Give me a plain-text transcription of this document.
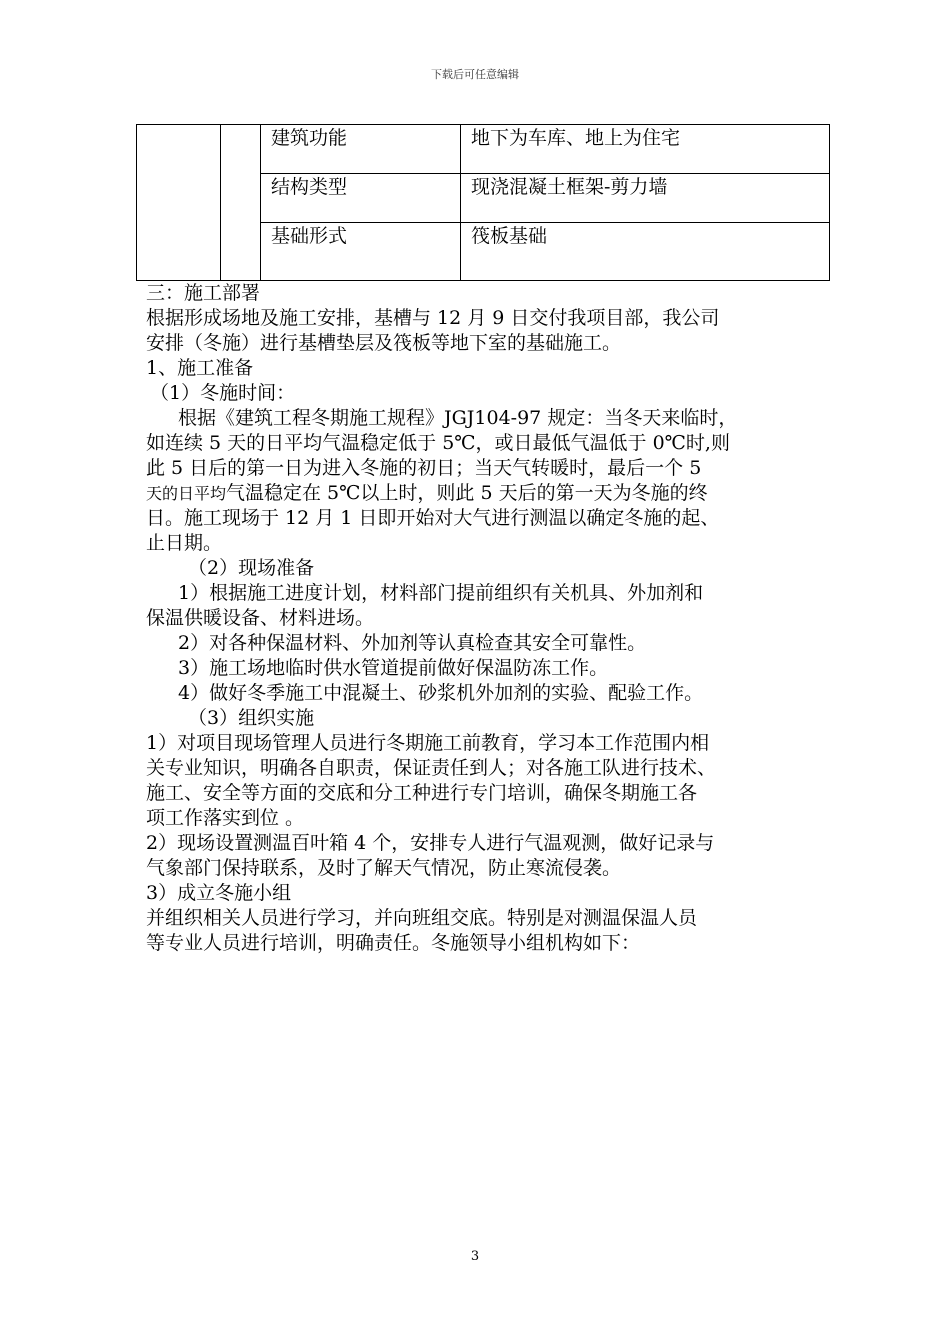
下载后可任意编辑
		建筑功能	地下为车库、地上为住宅
		结构类型	现浇混凝土框架-剪力墙
		基础形式	筏板基础

三：施工部署

根据形成场地及施工安排，基槽与 12 月 9 日交付我项目部，我公司

安排（冬施）进行基槽垫层及筏板等地下室的基础施工。

1、施工准备

（1）冬施时间：

根据《建筑工程冬期施工规程》JGJ104-97 规定：当冬天来临时，

如连续 5 天的日平均气温稳定低于 5℃，或日最低气温低于 0℃时,则

此 5 日后的第一日为进入冬施的初日；当天气转暖时，最后一个 5

天的日平均气温稳定在 5℃以上时，则此 5 天后的第一天为冬施的终

日。施工现场于 12 月 1 日即开始对大气进行测温以确定冬施的起、

止日期。

（2）现场准备

1）根据施工进度计划，材料部门提前组织有关机具、外加剂和

保温供暖设备、材料进场。

2）对各种保温材料、外加剂等认真检查其安全可靠性。

3）施工场地临时供水管道提前做好保温防冻工作。

4）做好冬季施工中混凝土、砂浆机外加剂的实验、配验工作。

（3）组织实施

1）对项目现场管理人员进行冬期施工前教育，学习本工作范围内相

关专业知识，明确各自职责，保证责任到人；对各施工队进行技术、

施工、安全等方面的交底和分工种进行专门培训，确保冬期施工各

项工作落实到位 。

2）现场设置测温百叶箱 4 个，安排专人进行气温观测，做好记录与

气象部门保持联系，及时了解天气情况，防止寒流侵袭。

3）成立冬施小组

并组织相关人员进行学习，并向班组交底。特别是对测温保温人员

等专业人员进行培训，明确责任。冬施领导小组机构如下：

3
